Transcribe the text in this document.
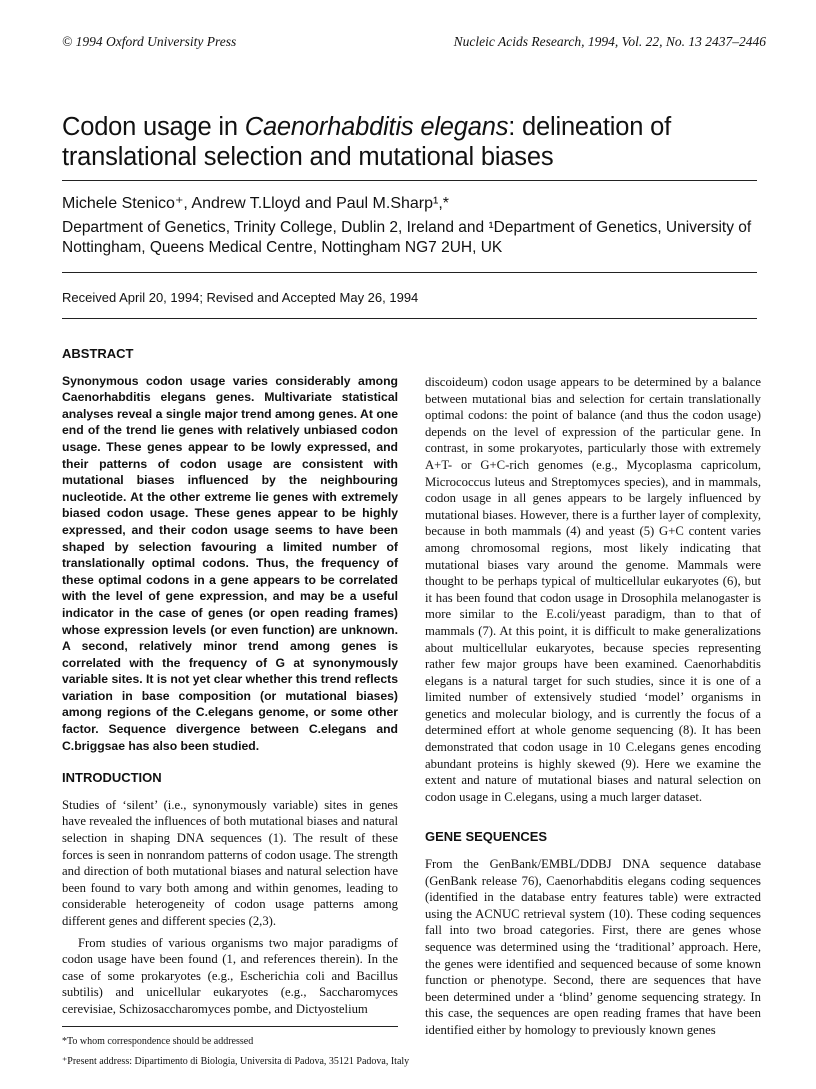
© 1994 Oxford University Press	Nucleic Acids Research, 1994, Vol. 22, No. 13 2437–2446
Codon usage in Caenorhabditis elegans: delineation of translational selection and mutational biases
Michele Stenico⁺, Andrew T.Lloyd and Paul M.Sharp¹,*
Department of Genetics, Trinity College, Dublin 2, Ireland and ¹Department of Genetics, University of Nottingham, Queens Medical Centre, Nottingham NG7 2UH, UK
Received April 20, 1994; Revised and Accepted May 26, 1994
ABSTRACT

Synonymous codon usage varies considerably among Caenorhabditis elegans genes. Multivariate statistical analyses reveal a single major trend among genes. At one end of the trend lie genes with relatively unbiased codon usage. These genes appear to be lowly expressed, and their patterns of codon usage are consistent with mutational biases influenced by the neighbouring nucleotide. At the other extreme lie genes with extremely biased codon usage. These genes appear to be highly expressed, and their codon usage seems to have been shaped by selection favouring a limited number of translationally optimal codons. Thus, the frequency of these optimal codons in a gene appears to be correlated with the level of gene expression, and may be a useful indicator in the case of genes (or open reading frames) whose expression levels (or even function) are unknown. A second, relatively minor trend among genes is correlated with the frequency of G at synonymously variable sites. It is not yet clear whether this trend reflects variation in base composition (or mutational biases) among regions of the C.elegans genome, or some other factor. Sequence divergence between C.elegans and C.briggsae has also been studied.

INTRODUCTION

Studies of ‘silent’ (i.e., synonymously variable) sites in genes have revealed the influences of both mutational biases and natural selection in shaping DNA sequences (1). The result of these forces is seen in nonrandom patterns of codon usage. The strength and direction of both mutational biases and natural selection have been found to vary both among and within genomes, leading to considerable heterogeneity of codon usage patterns among different genes and different species (2,3).

From studies of various organisms two major paradigms of codon usage have been found (1, and references therein). In the case of some prokaryotes (e.g., Escherichia coli and Bacillus subtilis) and unicellular eukaryotes (e.g., Saccharomyces cerevisiae, Schizosaccharomyces pombe, and Dictyostelium

discoideum) codon usage appears to be determined by a balance between mutational bias and selection for certain translationally optimal codons: the point of balance (and thus the codon usage) depends on the level of expression of the particular gene. In contrast, in some prokaryotes, particularly those with extremely A+T- or G+C-rich genomes (e.g., Mycoplasma capricolum, Micrococcus luteus and Streptomyces species), and in mammals, codon usage in all genes appears to be largely influenced by mutational biases. However, there is a further layer of complexity, because in both mammals (4) and yeast (5) G+C content varies among chromosomal regions, most likely indicating that mutational biases vary around the genome. Mammals were thought to be perhaps typical of multicellular eukaryotes (6), but it has been found that codon usage in Drosophila melanogaster is more similar to the E.coli/yeast paradigm, than to that of mammals (7). At this point, it is difficult to make generalizations about multicellular eukaryotes, because species representing rather few major groups have been examined. Caenorhabditis elegans is a natural target for such studies, since it is one of a limited number of extensively studied ‘model’ organisms in genetics and molecular biology, and is currently the focus of a determined effort at whole genome sequencing (8). It has been demonstrated that codon usage in 10 C.elegans genes encoding abundant proteins is highly skewed (9). Here we examine the extent and nature of mutational biases and natural selection on codon usage in C.elegans, using a much larger dataset.

GENE SEQUENCES

From the GenBank/EMBL/DDBJ DNA sequence database (GenBank release 76), Caenorhabditis elegans coding sequences (identified in the database entry features table) were extracted using the ACNUC retrieval system (10). These coding sequences fall into two broad categories. First, there are genes whose sequence was determined using the ‘traditional’ approach. Here, the genes were identified and sequenced because of some known function or phenotype. Second, there are sequences that have been determined under a ‘blind’ genome sequencing strategy. In this case, the sequences are open reading frames that have been identified either by homology to previously known genes

*To whom correspondence should be addressed
⁺Present address: Dipartimento di Biologia, Universita di Padova, 35121 Padova, Italy
